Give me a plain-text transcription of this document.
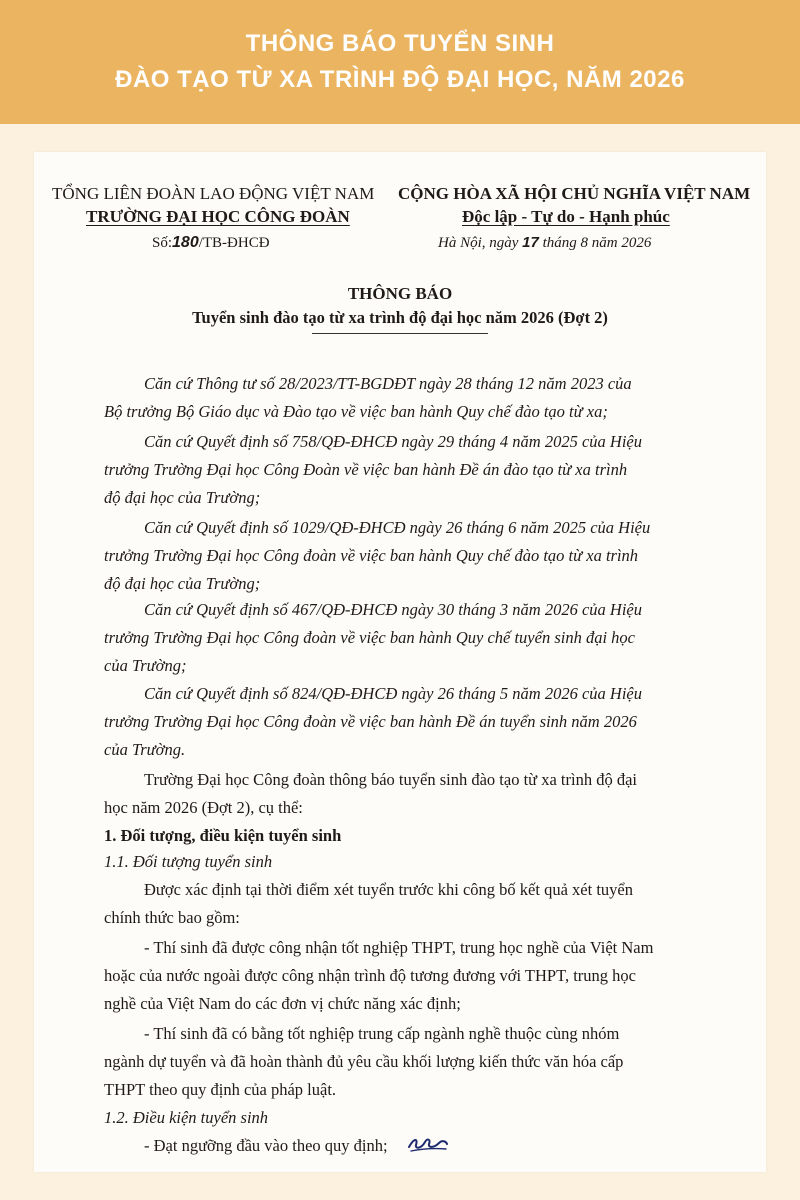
THÔNG BÁO TUYỂN SINH
ĐÀO TẠO TỪ XA TRÌNH ĐỘ ĐẠI HỌC, NĂM 2026
TỔNG LIÊN ĐOÀN LAO ĐỘNG VIỆT NAM
TRƯỜNG ĐẠI HỌC CÔNG ĐOÀN
Số:180/TB-ĐHCĐ
CỘNG HÒA XÃ HỘI CHỦ NGHĨA VIỆT NAM
Độc lập - Tự do - Hạnh phúc
Hà Nội, ngày 17 tháng 8 năm 2026
THÔNG BÁO
Tuyển sinh đào tạo từ xa trình độ đại học năm 2026 (Đợt 2)
Căn cứ Thông tư số 28/2023/TT-BGDĐT ngày 28 tháng 12 năm 2023 của
Bộ trưởng Bộ Giáo dục và Đào tạo về việc ban hành Quy chế đào tạo từ xa;
Căn cứ Quyết định số 758/QĐ-ĐHCĐ ngày 29 tháng 4 năm 2025 của Hiệu
trưởng Trường Đại học Công Đoàn về việc ban hành Đề án đào tạo từ xa trình
độ đại học của Trường;
Căn cứ Quyết định số 1029/QĐ-ĐHCĐ ngày 26 tháng 6 năm 2025 của Hiệu
trưởng Trường Đại học Công đoàn về việc ban hành Quy chế đào tạo từ xa trình
độ đại học của Trường;
Căn cứ Quyết định số 467/QĐ-ĐHCĐ ngày 30 tháng 3 năm 2026 của Hiệu
trưởng Trường Đại học Công đoàn về việc ban hành Quy chế tuyển sinh đại học
của Trường;
Căn cứ Quyết định số 824/QĐ-ĐHCĐ ngày 26 tháng 5 năm 2026 của Hiệu
trưởng Trường Đại học Công đoàn về việc ban hành Đề án tuyển sinh năm 2026
của Trường.
Trường Đại học Công đoàn thông báo tuyển sinh đào tạo từ xa trình độ đại
học năm 2026 (Đợt 2), cụ thể:
1. Đối tượng, điều kiện tuyển sinh
1.1. Đối tượng tuyển sinh
Được xác định tại thời điểm xét tuyển trước khi công bố kết quả xét tuyển
chính thức bao gồm:
- Thí sinh đã được công nhận tốt nghiệp THPT, trung học nghề của Việt Nam
hoặc của nước ngoài được công nhận trình độ tương đương với THPT, trung học
nghề của Việt Nam do các đơn vị chức năng xác định;
- Thí sinh đã có bằng tốt nghiệp trung cấp ngành nghề thuộc cùng nhóm
ngành dự tuyển và đã hoàn thành đủ yêu cầu khối lượng kiến thức văn hóa cấp
THPT theo quy định của pháp luật.
1.2. Điều kiện tuyển sinh
- Đạt ngưỡng đầu vào theo quy định;
